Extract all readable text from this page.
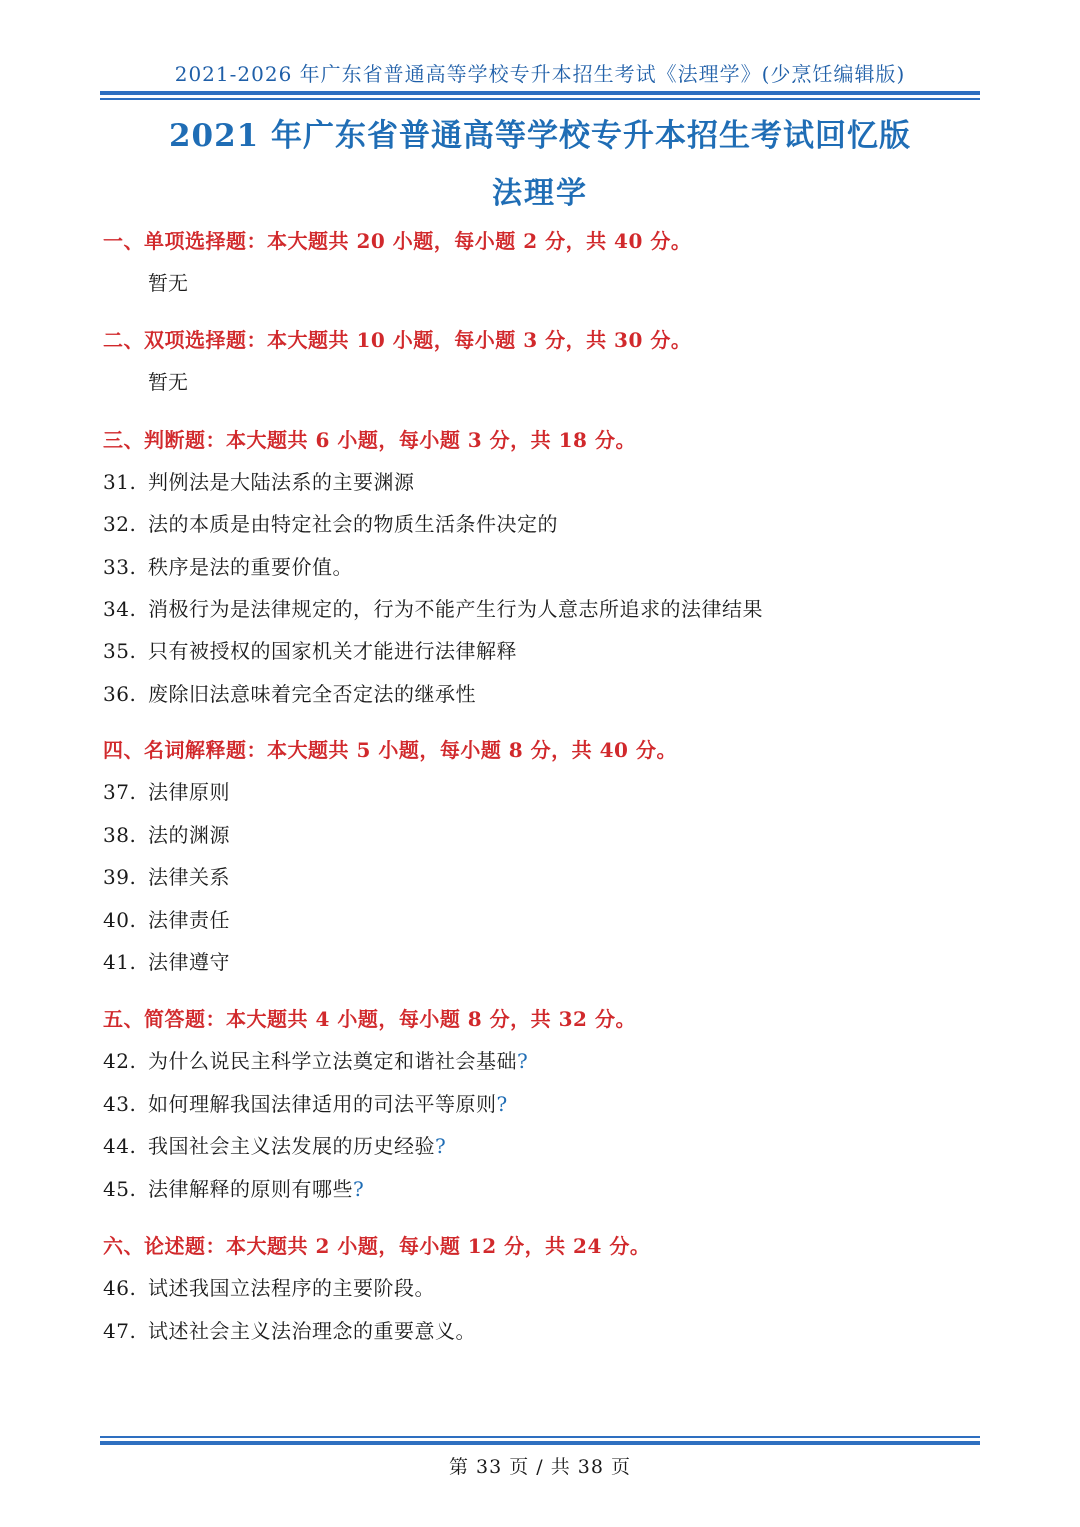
2021-2026 年广东省普通高等学校专升本招生考试《法理学》(少烹饪编辑版)
2021 年广东省普通高等学校专升本招生考试回忆版
法理学
一、单项选择题：本大题共 20 小题，每小题 2 分，共 40 分。
暂无
二、双项选择题：本大题共 10 小题，每小题 3 分，共 30 分。
暂无
三、判断题：本大题共 6 小题，每小题 3 分，共 18 分。
31. 判例法是大陆法系的主要渊源
32. 法的本质是由特定社会的物质生活条件决定的
33. 秩序是法的重要价值。
34. 消极行为是法律规定的，行为不能产生行为人意志所追求的法律结果
35. 只有被授权的国家机关才能进行法律解释
36. 废除旧法意味着完全否定法的继承性
四、名词解释题：本大题共 5 小题，每小题 8 分，共 40 分。
37. 法律原则
38. 法的渊源
39. 法律关系
40. 法律责任
41. 法律遵守
五、简答题：本大题共 4 小题，每小题 8 分，共 32 分。
42. 为什么说民主科学立法奠定和谐社会基础?
43. 如何理解我国法律适用的司法平等原则?
44. 我国社会主义法发展的历史经验?
45. 法律解释的原则有哪些?
六、论述题：本大题共 2 小题，每小题 12 分，共 24 分。
46. 试述我国立法程序的主要阶段。
47. 试述社会主义法治理念的重要意义。
第 33 页 / 共 38 页
